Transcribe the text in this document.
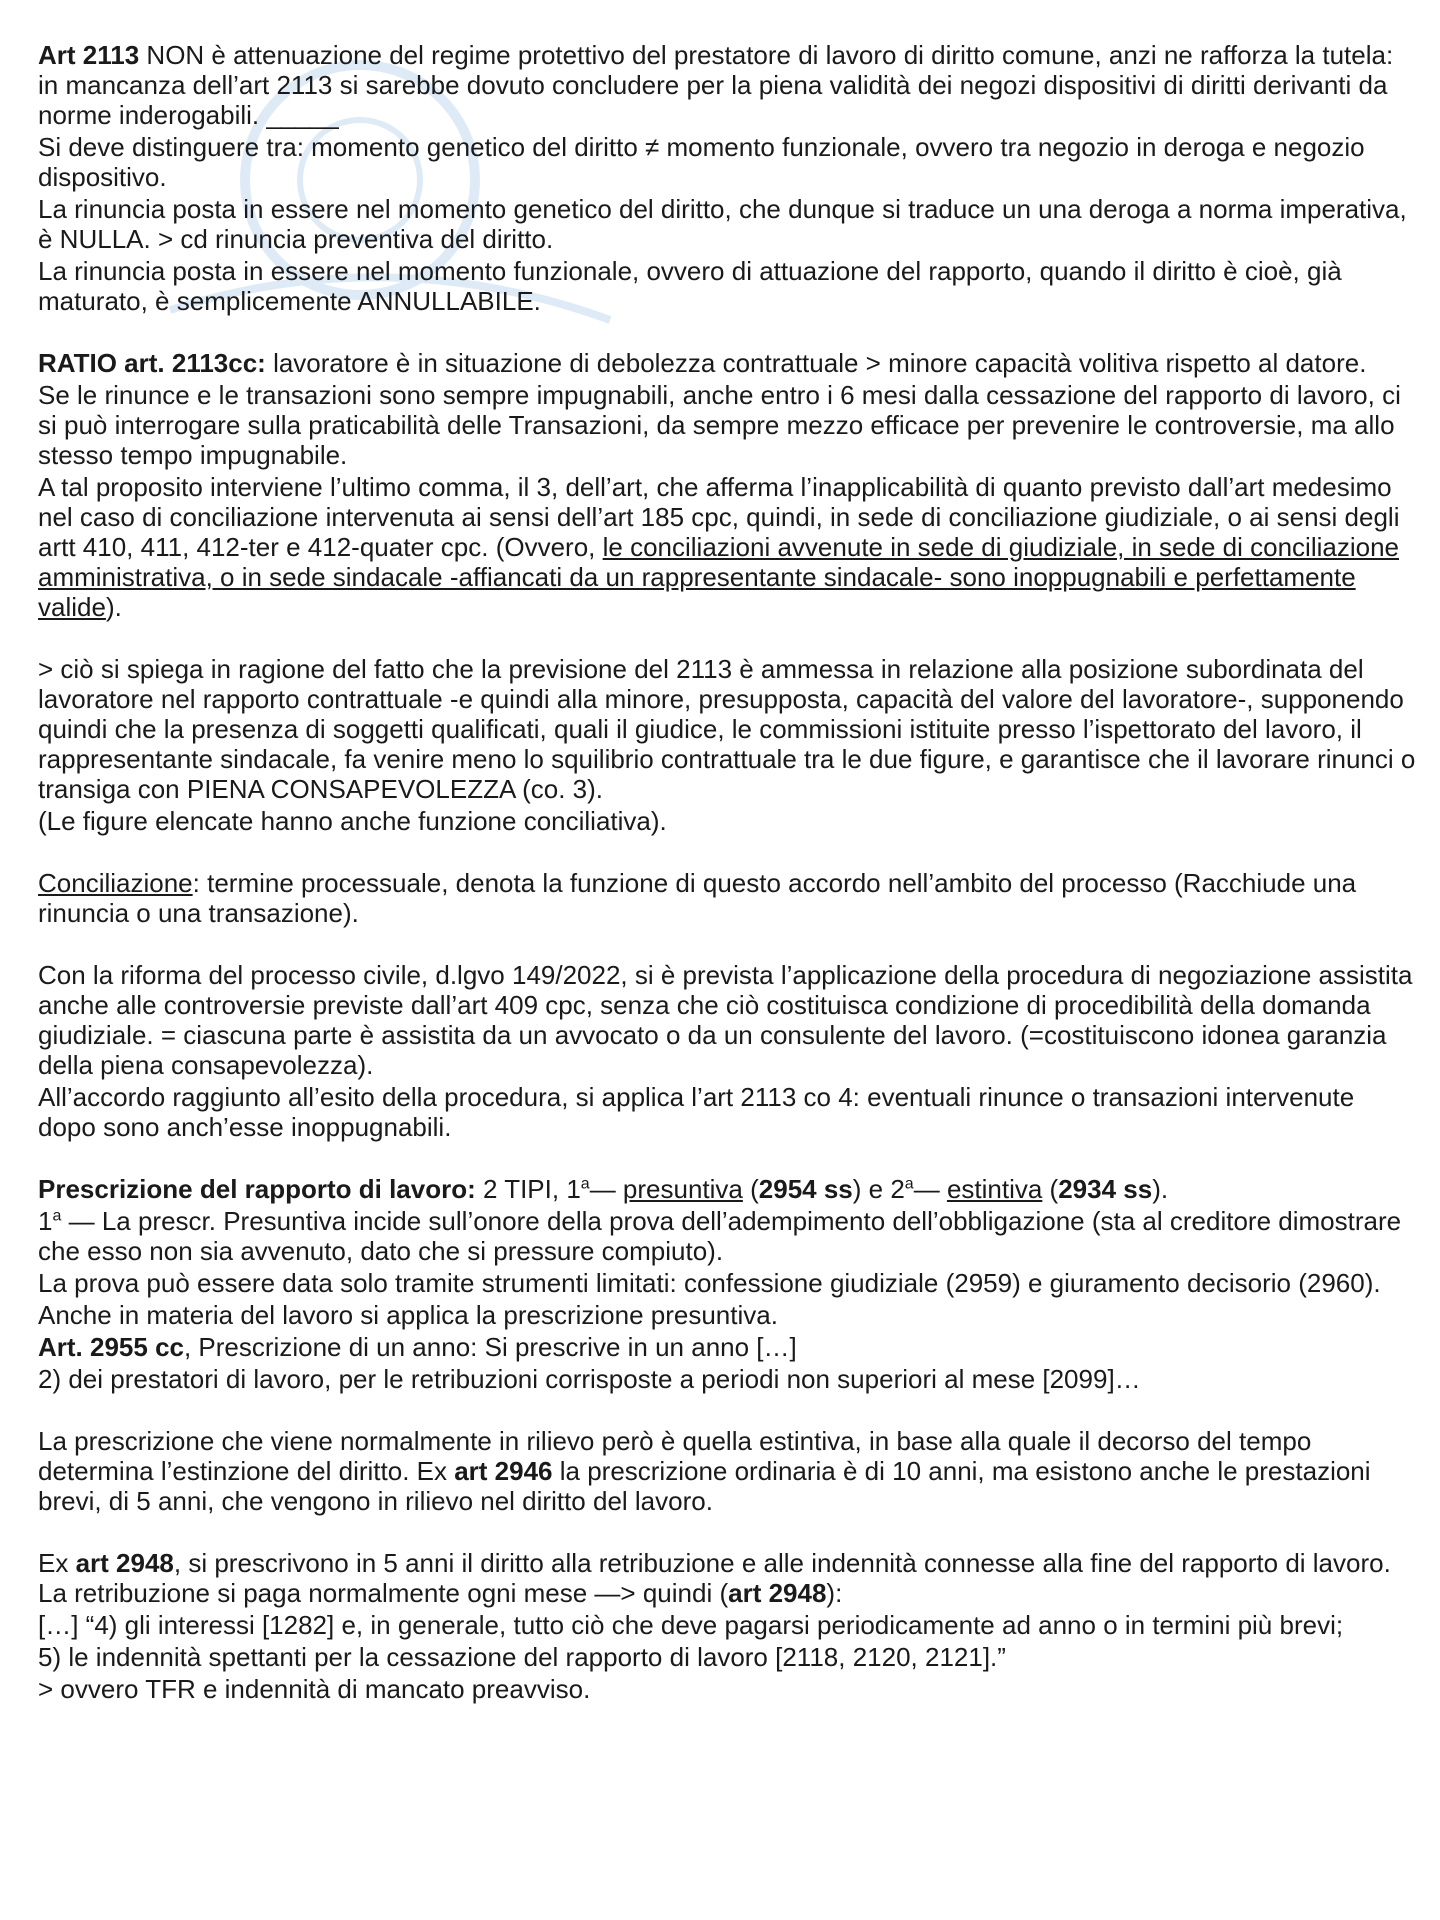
Art 2113 NON è attenuazione del regime protettivo del prestatore di lavoro di diritto comune, anzi ne rafforza la tutela: in mancanza dell’art 2113 si sarebbe dovuto concludere per la piena validità dei negozi dispositivi di diritti derivanti da norme inderogabili. _____

Si deve distinguere tra: momento genetico del diritto ≠ momento funzionale, ovvero tra negozio in deroga e negozio dispositivo.

La rinuncia posta in essere nel momento genetico del diritto, che dunque si traduce un una deroga a norma imperativa, è NULLA. > cd rinuncia preventiva del diritto.

La rinuncia posta in essere nel momento funzionale, ovvero di attuazione del rapporto, quando il diritto è cioè, già maturato, è semplicemente ANNULLABILE.

RATIO art. 2113cc: lavoratore è in situazione di debolezza contrattuale > minore capacità volitiva rispetto al datore.

Se le rinunce e le transazioni sono sempre impugnabili, anche entro i 6 mesi dalla cessazione del rapporto di lavoro, ci si può interrogare sulla praticabilità delle Transazioni, da sempre mezzo efficace per prevenire le controversie, ma allo stesso tempo impugnabile.

A tal proposito interviene l’ultimo comma, il 3, dell’art, che afferma l’inapplicabilità di quanto previsto dall’art medesimo nel caso di conciliazione intervenuta ai sensi dell’art 185 cpc, quindi, in sede di conciliazione giudiziale, o ai sensi degli artt 410, 411, 412-ter e 412-quater cpc. (Ovvero, le conciliazioni avvenute in sede di giudiziale, in sede di conciliazione amministrativa, o in sede sindacale -affiancati da un rappresentante sindacale- sono inoppugnabili e perfettamente valide).

> ciò si spiega in ragione del fatto che la previsione del 2113 è ammessa in relazione alla posizione subordinata del lavoratore nel rapporto contrattuale -e quindi alla minore, presupposta, capacità del valore del lavoratore-, supponendo quindi che la presenza di soggetti qualificati, quali il giudice, le commissioni istituite presso l’ispettorato del lavoro, il rappresentante sindacale, fa venire meno lo squilibrio contrattuale tra le due figure, e garantisce che il lavorare rinunci o transiga con PIENA CONSAPEVOLEZZA (co. 3).

(Le figure elencate hanno anche funzione conciliativa).

Conciliazione: termine processuale, denota la funzione di questo accordo nell’ambito del processo (Racchiude una rinuncia o una transazione).

Con la riforma del processo civile, d.lgvo 149/2022, si è prevista l’applicazione della procedura di negoziazione assistita anche alle controversie previste dall’art 409 cpc, senza che ciò costituisca condizione di procedibilità della domanda giudiziale. = ciascuna parte è assistita da un avvocato o da un consulente del lavoro. (=costituiscono idonea garanzia della piena consapevolezza).

All’accordo raggiunto all’esito della procedura, si applica l’art 2113 co 4: eventuali rinunce o transazioni intervenute dopo sono anch’esse inoppugnabili.

Prescrizione del rapporto di lavoro: 2 TIPI, 1$^a$— presuntiva (2954 ss) e 2$^a$— estintiva (2934 ss).

1$^a$ — La prescr. Presuntiva incide sull’onore della prova dell’adempimento dell’obbligazione (sta al creditore dimostrare che esso non sia avvenuto, dato che si pressure compiuto).

La prova può essere data solo tramite strumenti limitati: confessione giudiziale (2959) e giuramento decisorio (2960).

Anche in materia del lavoro si applica la prescrizione presuntiva.

Art. 2955 cc, Prescrizione di un anno: Si prescrive in un anno […]

2) dei prestatori di lavoro, per le retribuzioni corrisposte a periodi non superiori al mese [2099]…

La prescrizione che viene normalmente in rilievo però è quella estintiva, in base alla quale il decorso del tempo determina l’estinzione del diritto. Ex art 2946 la prescrizione ordinaria è di 10 anni, ma esistono anche le prestazioni brevi, di 5 anni, che vengono in rilievo nel diritto del lavoro.

Ex art 2948, si prescrivono in 5 anni il diritto alla retribuzione e alle indennità connesse alla fine del rapporto di lavoro. La retribuzione si paga normalmente ogni mese —> quindi (art 2948):

[…] “4) gli interessi [1282] e, in generale, tutto ciò che deve pagarsi periodicamente ad anno o in termini più brevi;

5) le indennità spettanti per la cessazione del rapporto di lavoro [2118, 2120, 2121].”

> ovvero TFR e indennità di mancato preavviso.
